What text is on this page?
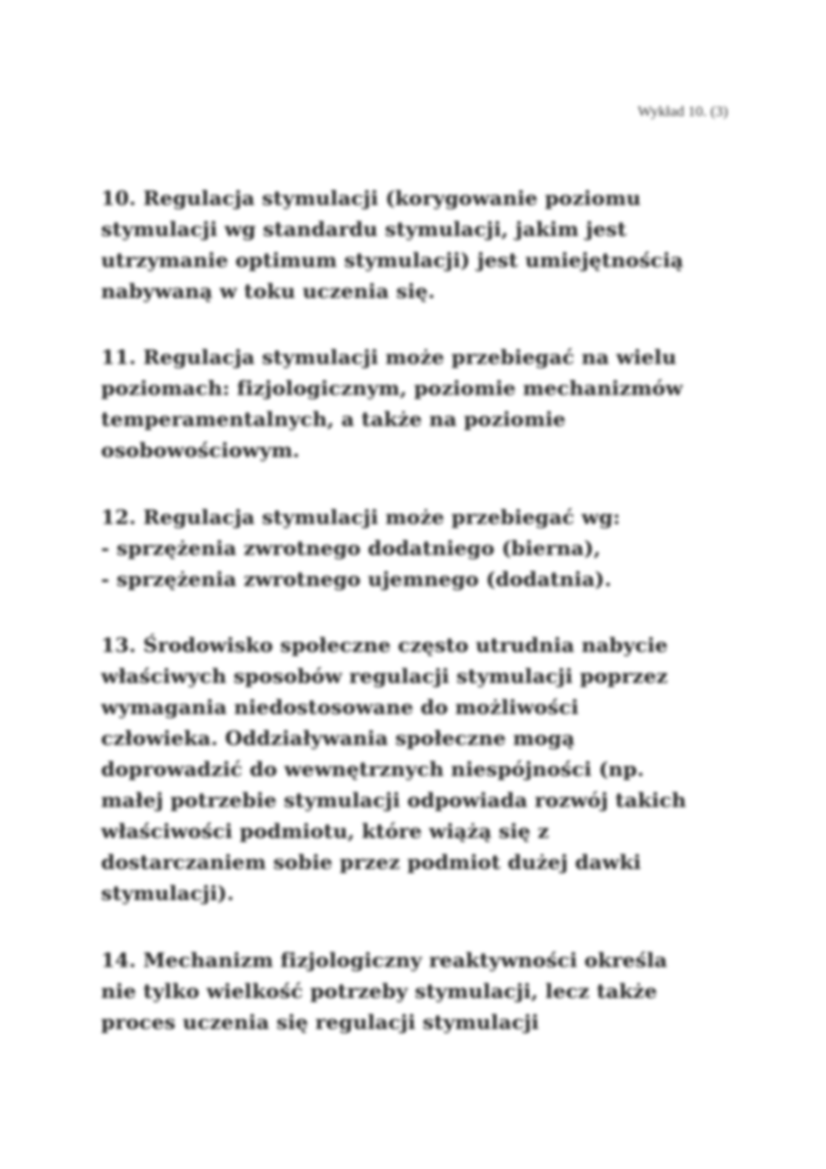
Wykład 10. (3)

10. Regulacja stymulacji (korygowanie poziomu
stymulacji wg standardu stymulacji, jakim jest
utrzymanie optimum stymulacji) jest umiejętnością
nabywaną w toku uczenia się.

11. Regulacja stymulacji może przebiegać na wielu
poziomach: fizjologicznym, poziomie mechanizmów
temperamentalnych, a także na poziomie
osobowościowym.

12. Regulacja stymulacji może przebiegać wg:
- sprzężenia zwrotnego dodatniego (bierna),
- sprzężenia zwrotnego ujemnego (dodatnia).

13. Środowisko społeczne często utrudnia nabycie
właściwych sposobów regulacji stymulacji poprzez
wymagania niedostosowane do możliwości
człowieka. Oddziaływania społeczne mogą
doprowadzić do wewnętrznych niespójności (np.
małej potrzebie stymulacji odpowiada rozwój takich
właściwości podmiotu, które wiążą się z
dostarczaniem sobie przez podmiot dużej dawki
stymulacji).

14. Mechanizm fizjologiczny reaktywności określa
nie tylko wielkość potrzeby stymulacji, lecz także
proces uczenia się regulacji stymulacji
